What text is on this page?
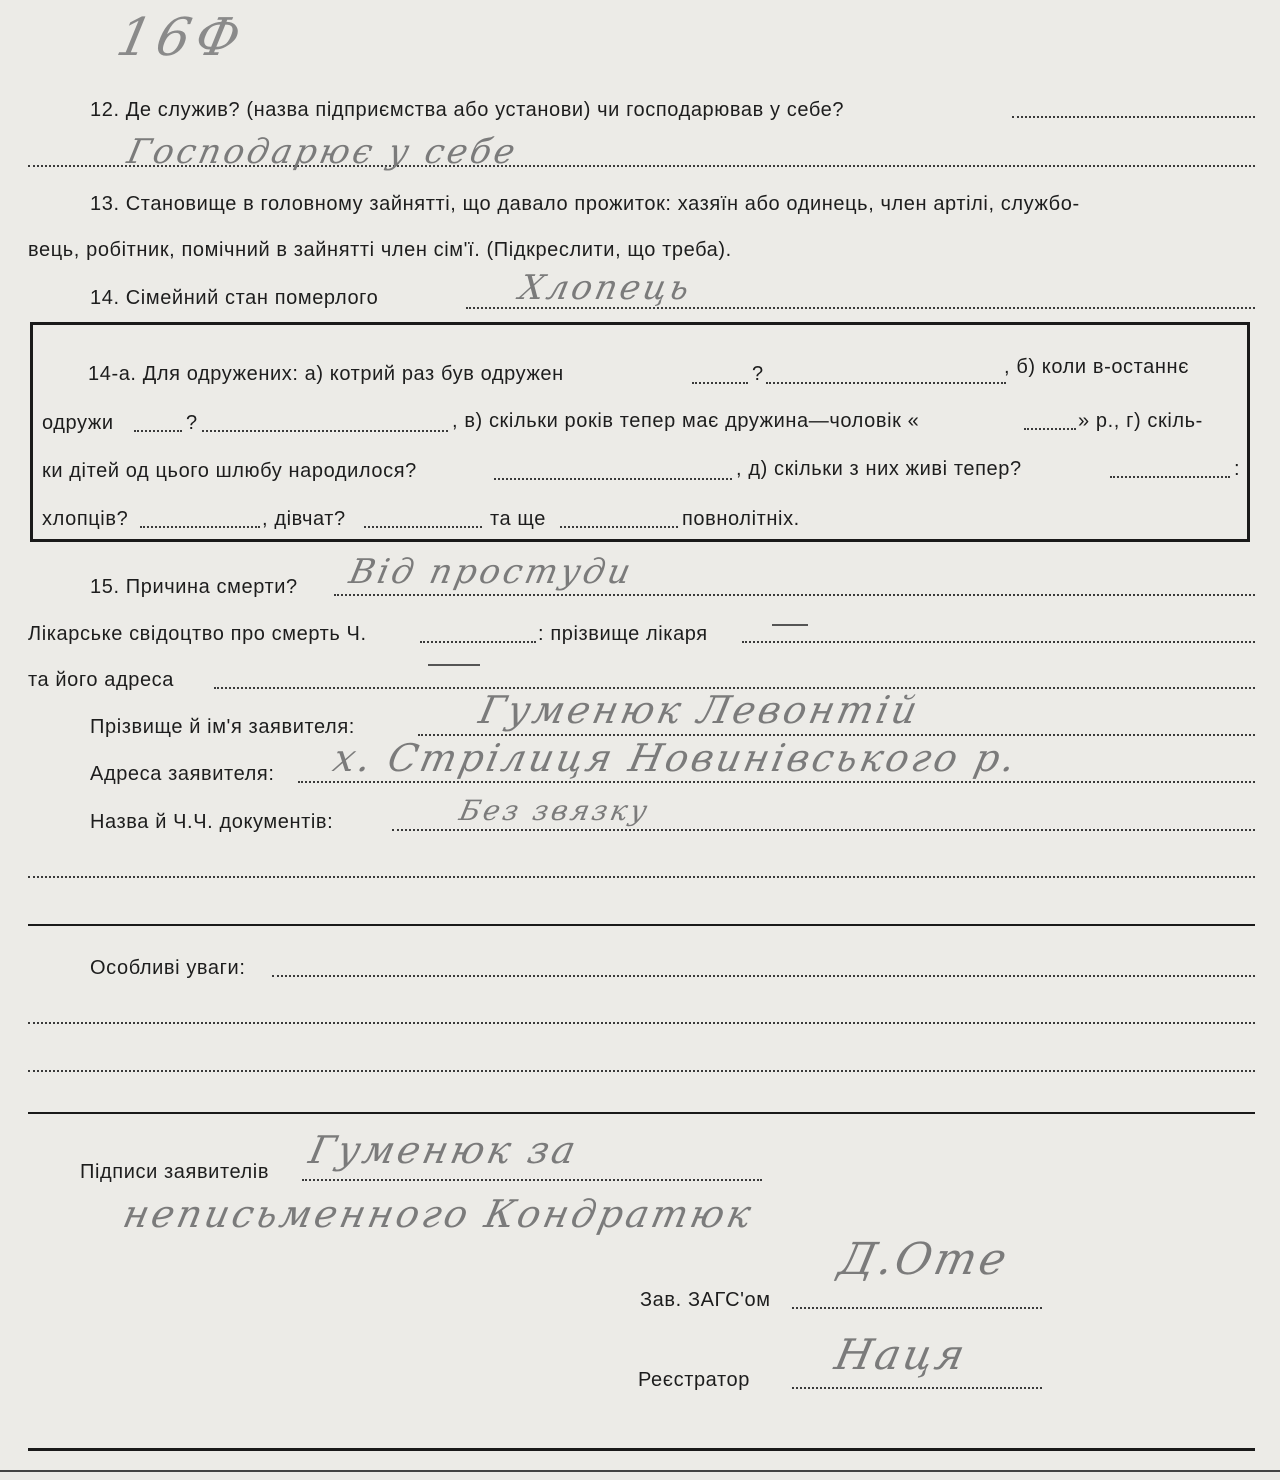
16Ф
12. Де служив? (назва підприємства або установи) чи господарював у себе?
Господарює у себе
13. Становище в головному зайнятті, що давало прожиток: хазяїн або одинець, член артілі, службо-
вець, робітник, помічний в зайнятті член сім'ї. (Підкреслити, що треба).
14. Сімейний стан померлого	Хлопець
14-а. Для одружених: а) котрий раз був одружен	?	, б) коли в-останнє
одружи	?	, в) скільки років тепер має дружина—чоловік «	» р., г) скіль-
ки дітей од цього шлюбу народилося?	, д) скільки з них живі тепер?	:
хлопців?	, дівчат?	та ще	повнолітніх.
15. Причина смерти? Від простуди
Лікарське свідоцтво про смерть Ч.	: прізвище лікаря
та його адреса
Прізвище й ім'я заявителя:	Гуменюк Левонтій
Адреса заявителя: х. Стрілиця Новинівського р.
Назва й Ч.Ч. документів:	Без звязку
Особливі уваги:
Підписи заявителів Гуменюк за
неписьменного Кондратюк
Зав. ЗАГС'ом
Д.Оте
Реєстратор
Наця
